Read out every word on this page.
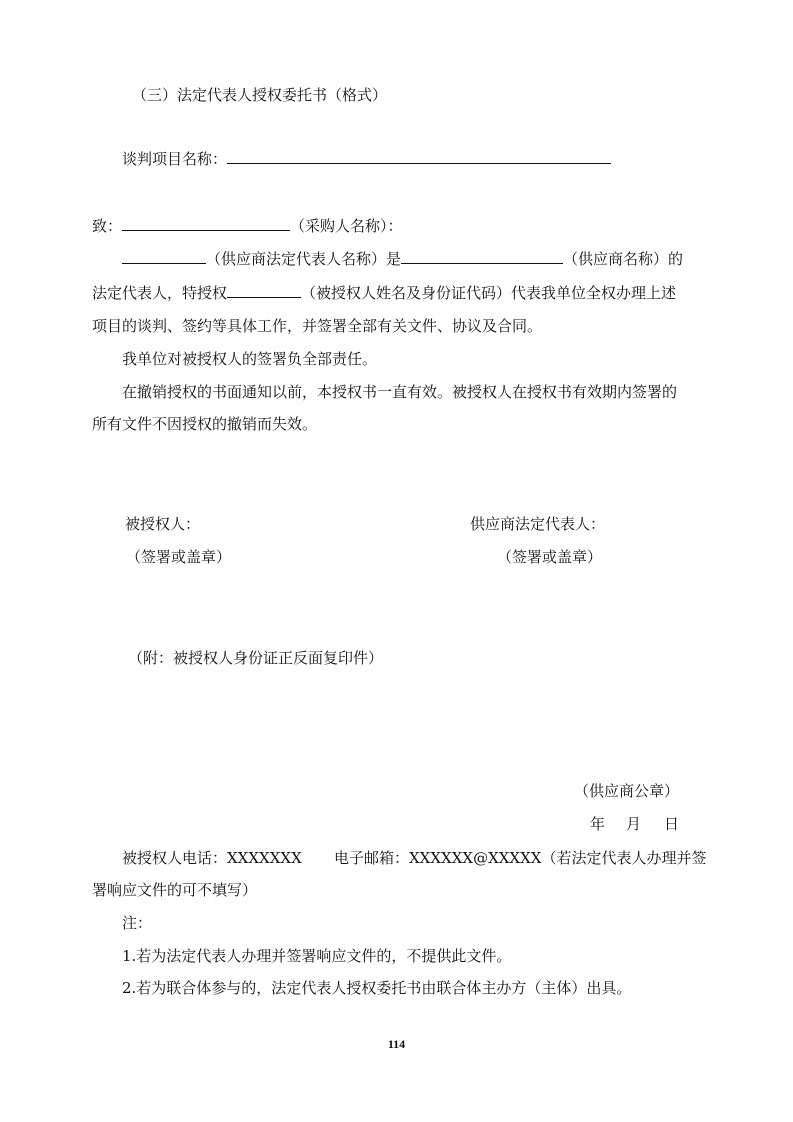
（三）法定代表人授权委托书（格式）
谈判项目名称：
致：	（采购人名称）：
（供应商法定代表人名称）是	（供应商名称）的
法定代表人，特授权	（被授权人姓名及身份证代码）代表我单位全权办理上述
项目的谈判、签约等具体工作，并签署全部有关文件、协议及合同。
我单位对被授权人的签署负全部责任。
在撤销授权的书面通知以前，本授权书一直有效。被授权人在授权书有效期内签署的
所有文件不因授权的撤销而失效。
被授权人：	供应商法定代表人：
（签署或盖章）	（签署或盖章）
（附：被授权人身份证正反面复印件）
（供应商公章）
年 月 日
被授权人电话：XXXXXXX 电子邮箱：XXXXXX@XXXXX（若法定代表人办理并签
署响应文件的可不填写）
注：
1.若为法定代表人办理并签署响应文件的，不提供此文件。
2.若为联合体参与的，法定代表人授权委托书由联合体主办方（主体）出具。
114
